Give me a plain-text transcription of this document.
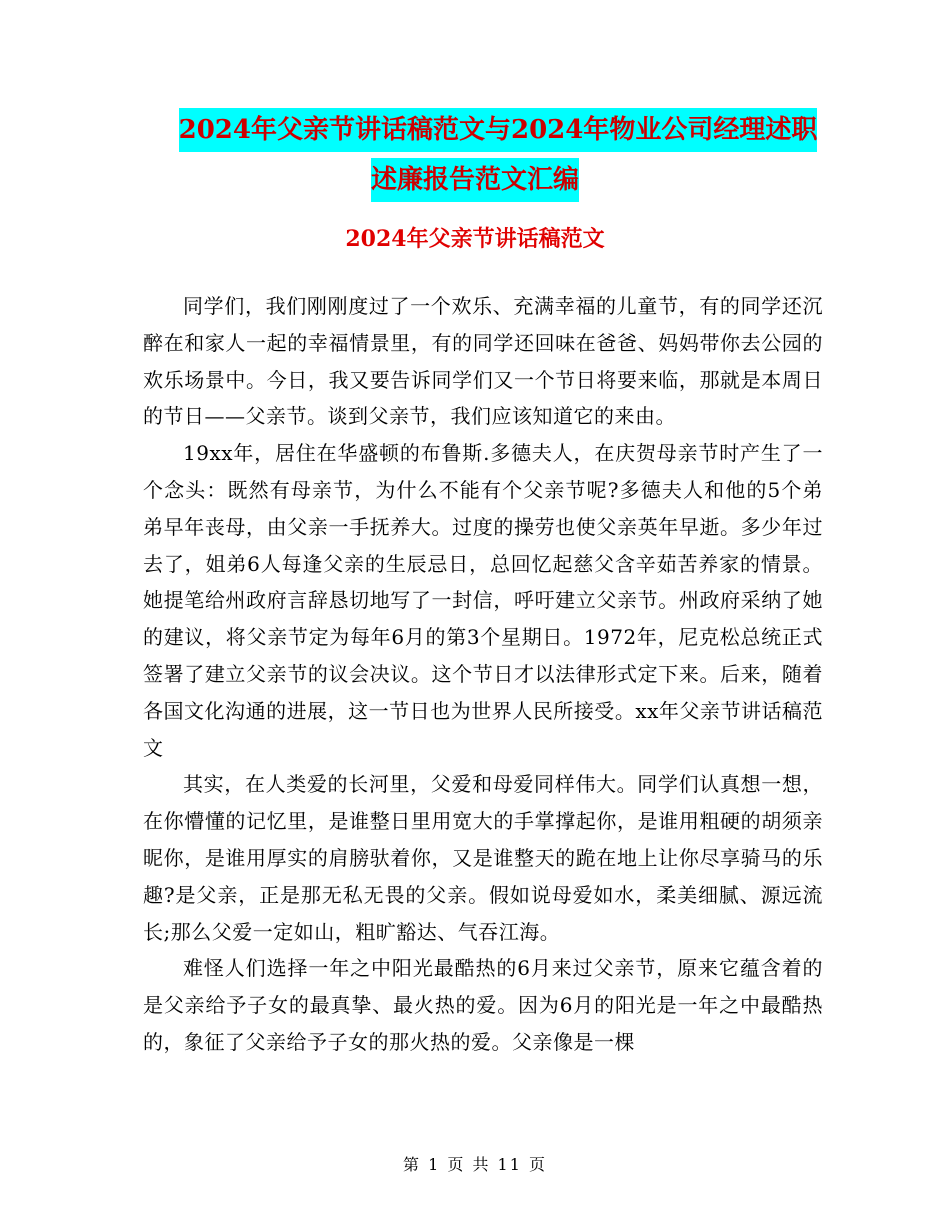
2024年父亲节讲话稿范文与2024年物业公司经理述职
述廉报告范文汇编
2024年父亲节讲话稿范文

同学们，我们刚刚度过了一个欢乐、充满幸福的儿童节，有的同学还沉醉在和家人一起的幸福情景里，有的同学还回味在爸爸、妈妈带你去公园的欢乐场景中。今日，我又要告诉同学们又一个节日将要来临，那就是本周日的节日——父亲节。谈到父亲节，我们应该知道它的来由。

19xx年，居住在华盛顿的布鲁斯.多德夫人，在庆贺母亲节时产生了一个念头：既然有母亲节，为什么不能有个父亲节呢?多德夫人和他的5个弟弟早年丧母，由父亲一手抚养大。过度的操劳也使父亲英年早逝。多少年过去了，姐弟6人每逢父亲的生辰忌日，总回忆起慈父含辛茹苦养家的情景。她提笔给州政府言辞恳切地写了一封信，呼吁建立父亲节。州政府采纳了她的建议，将父亲节定为每年6月的第3个星期日。1972年，尼克松总统正式签署了建立父亲节的议会决议。这个节日才以法律形式定下来。后来，随着各国文化沟通的进展，这一节日也为世界人民所接受。xx年父亲节讲话稿范文

其实，在人类爱的长河里，父爱和母爱同样伟大。同学们认真想一想，在你懵懂的记忆里，是谁整日里用宽大的手掌撑起你，是谁用粗硬的胡须亲昵你，是谁用厚实的肩膀驮着你，又是谁整天的跪在地上让你尽享骑马的乐趣?是父亲，正是那无私无畏的父亲。假如说母爱如水，柔美细腻、源远流长;那么父爱一定如山，粗旷豁达、气吞江海。

难怪人们选择一年之中阳光最酷热的6月来过父亲节，原来它蕴含着的是父亲给予子女的最真挚、最火热的爱。因为6月的阳光是一年之中最酷热的，象征了父亲给予子女的那火热的爱。父亲像是一棵

第 1 页 共 11 页
